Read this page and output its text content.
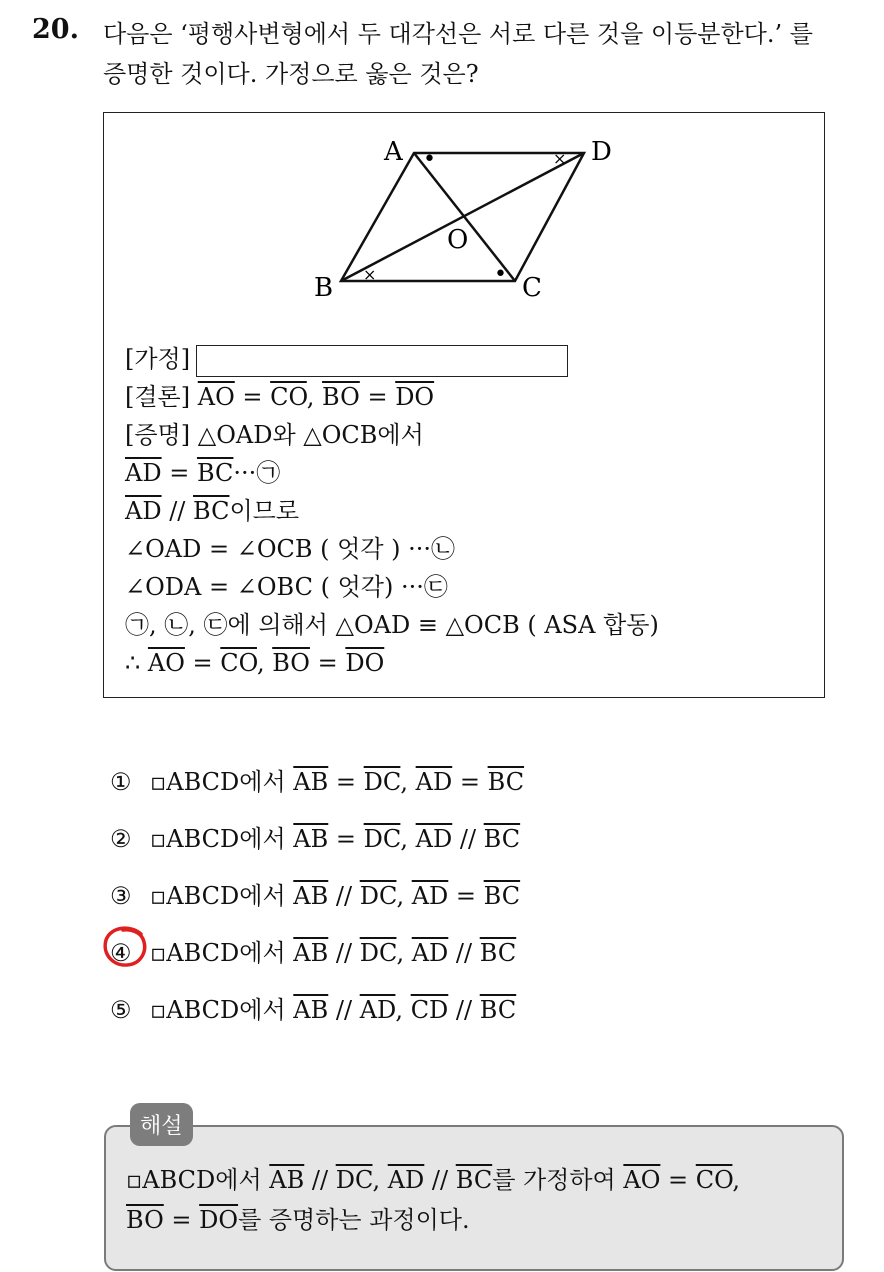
20. 다음은 ‘평행사변형에서 두 대각선은 서로 다른 것을 이등분한다.’ 를
증명한 것이다. 가정으로 옳은 것은?
A	D
B	C
O
•
•
×
×
[가정]
[결론] $\overline{AO} = \overline{CO}$, $\overline{BO} = \overline{DO}$
[증명] △OAD와 △OCB에서
$\overline{AD}$ = $\overline{BC}\cdot\cdot\cdot㉠$
$\overline{AD} // \overline{BC}$이므로
∠OAD = ∠OCB ( 엇각 ) ···㉡
∠ODA = ∠OBC ( 엇각) ···㉢
㉠, ㉡, ㉢에 의해서 △OAD ≡ △OCB ( ASA 합동)
∴ $\overline{AO} = \overline{CO}$, $\overline{BO} = \overline{DO}$
① ▫ABCD에서 $\overline{AB} = \overline{DC}$, $\overline{AD} = \overline{BC}$
② ▫ABCD에서 $\overline{AB} = \overline{DC}$, $\overline{AD} // \overline{BC}$
③ ▫ABCD에서 $\overline{AB} // \overline{DC}$, $\overline{AD} = \overline{BC}$
④ ▫ABCD에서 $\overline{AB} // \overline{DC}$, $\overline{AD} // \overline{BC}$
⑤ ▫ABCD에서 $\overline{AB} // \overline{AD}$, $\overline{CD} // \overline{BC}$
해설
▫ABCD에서 $\overline{AB} // \overline{DC}$, $\overline{AD} // \overline{BC}$를 가정하여 $\overline{AO} = \overline{CO}$,
$\overline{BO} = \overline{DO}$를 증명하는 과정이다.
